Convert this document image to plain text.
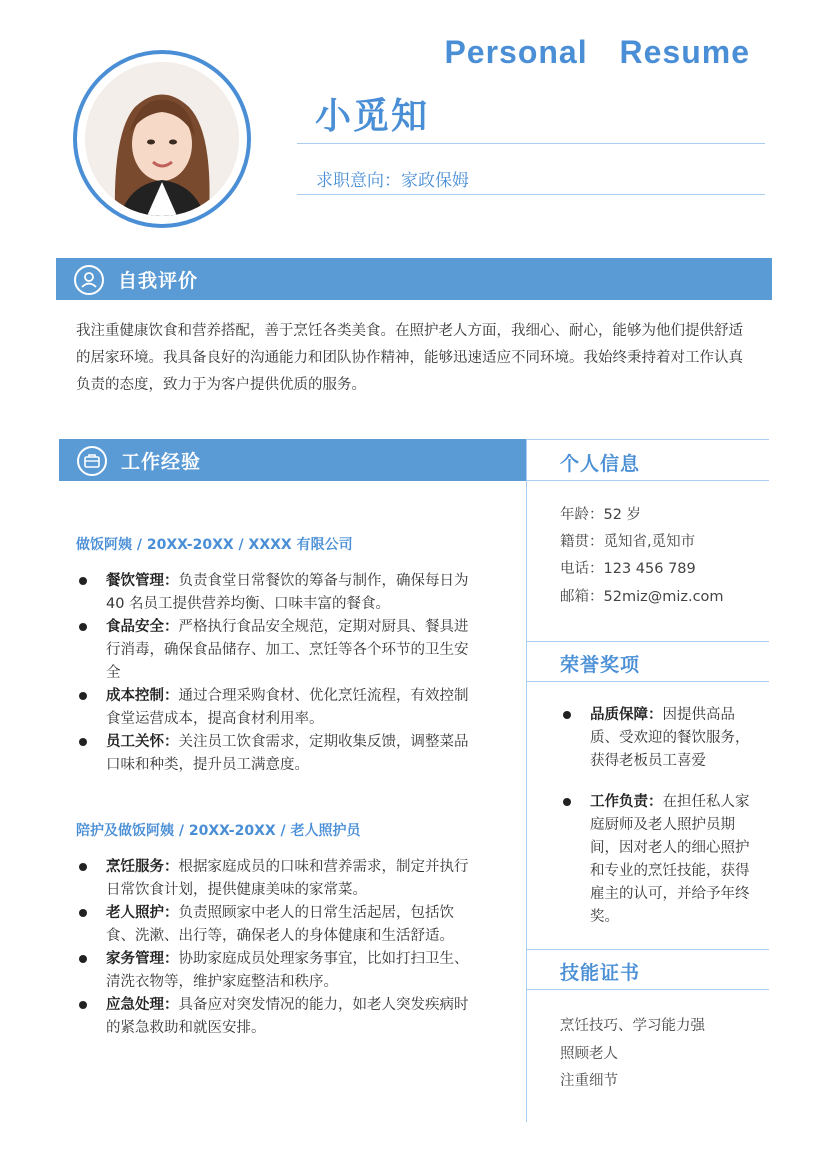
Personal Resume
小觅知
求职意向：家政保姆
自我评价
我注重健康饮食和营养搭配，善于烹饪各类美食。在照护老人方面，我细心、耐心，能够为他们提供舒适的居家环境。我具备良好的沟通能力和团队协作精神，能够迅速适应不同环境。我始终秉持着对工作认真负责的态度，致力于为客户提供优质的服务。
工作经验
做饭阿姨 / 20XX-20XX / XXXX 有限公司
餐饮管理：负责食堂日常餐饮的筹备与制作，确保每日为40 名员工提供营养均衡、口味丰富的餐食。
食品安全：严格执行食品安全规范，定期对厨具、餐具进行消毒，确保食品储存、加工、烹饪等各个环节的卫生安全
成本控制：通过合理采购食材、优化烹饪流程，有效控制食堂运营成本，提高食材利用率。
员工关怀：关注员工饮食需求，定期收集反馈，调整菜品口味和种类，提升员工满意度。
陪护及做饭阿姨 / 20XX-20XX / 老人照护员
烹饪服务：根据家庭成员的口味和营养需求，制定并执行日常饮食计划，提供健康美味的家常菜。
老人照护：负责照顾家中老人的日常生活起居，包括饮食、洗漱、出行等，确保老人的身体健康和生活舒适。
家务管理：协助家庭成员处理家务事宜，比如打扫卫生、清洗衣物等，维护家庭整洁和秩序。
应急处理：具备应对突发情况的能力，如老人突发疾病时的紧急救助和就医安排。
个人信息
年龄：52 岁
籍贯：觅知省,觅知市
电话：123 456 789
邮箱：52miz@miz.com
荣誉奖项
品质保障：因提供高品质、受欢迎的餐饮服务，获得老板员工喜爱
工作负责：在担任私人家庭厨师及老人照护员期间，因对老人的细心照护和专业的烹饪技能，获得雇主的认可，并给予年终奖。
技能证书
烹饪技巧、学习能力强
照顾老人
注重细节
